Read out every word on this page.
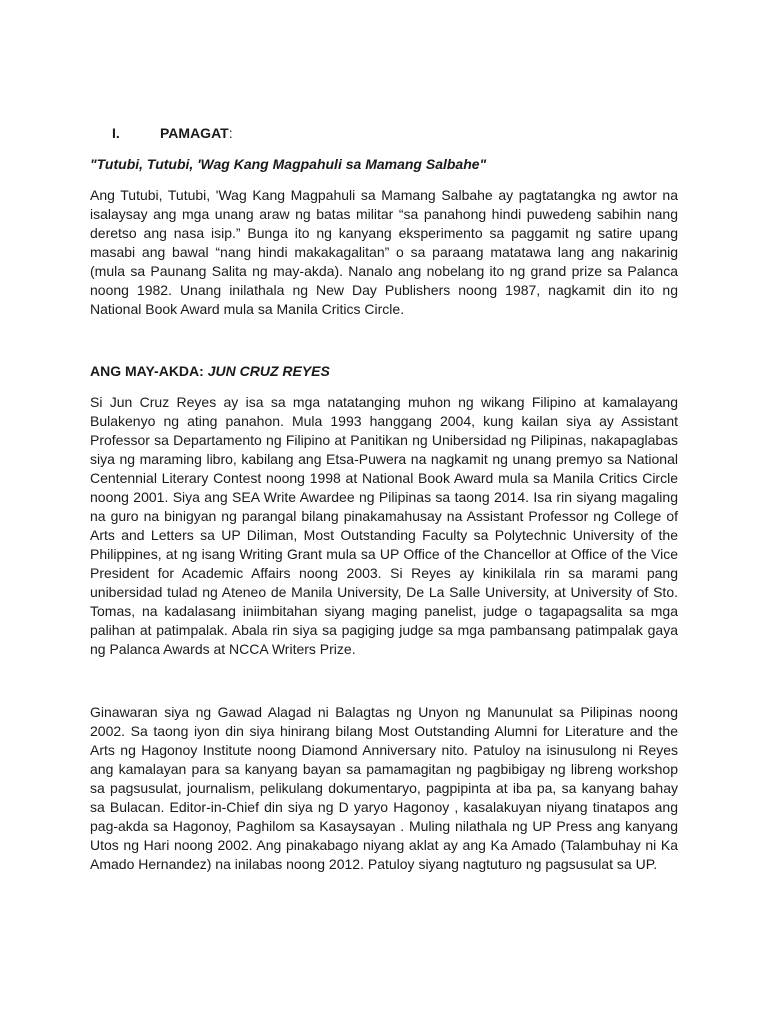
I.	PAMAGAT:
"Tutubi, Tutubi, 'Wag Kang Magpahuli sa Mamang Salbahe"

Ang Tutubi, Tutubi, 'Wag Kang Magpahuli sa Mamang Salbahe ay pagtatangka ng awtor na isalaysay ang mga unang araw ng batas militar “sa panahong hindi puwedeng sabihin nang deretso ang nasa isip.” Bunga ito ng kanyang eksperimento sa paggamit ng satire upang masabi ang bawal “nang hindi makakagalitan” o sa paraang matatawa lang ang nakarinig (mula sa Paunang Salita ng may-akda). Nanalo ang nobelang ito ng grand prize sa Palanca noong 1982. Unang inilathala ng New Day Publishers noong 1987, nagkamit din ito ng National Book Award mula sa Manila Critics Circle.

ANG MAY-AKDA: JUN CRUZ REYES

Si Jun Cruz Reyes ay isa sa mga natatanging muhon ng wikang Filipino at kamalayang Bulakenyo ng ating panahon. Mula 1993 hanggang 2004, kung kailan siya ay Assistant Professor sa Departamento ng Filipino at Panitikan ng Unibersidad ng Pilipinas, nakapaglabas siya ng maraming libro, kabilang ang Etsa-Puwera na nagkamit ng unang premyo sa National Centennial Literary Contest noong 1998 at National Book Award mula sa Manila Critics Circle noong 2001. Siya ang SEA Write Awardee ng Pilipinas sa taong 2014. Isa rin siyang magaling na guro na binigyan ng parangal bilang pinakamahusay na Assistant Professor ng College of Arts and Letters sa UP Diliman, Most Outstanding Faculty sa Polytechnic University of the Philippines, at ng isang Writing Grant mula sa UP Office of the Chancellor at Office of the Vice President for Academic Affairs noong 2003. Si Reyes ay kinikilala rin sa marami pang unibersidad tulad ng Ateneo de Manila University, De La Salle University, at University of Sto. Tomas, na kadalasang iniimbitahan siyang maging panelist, judge o tagapagsalita sa mga palihan at patimpalak. Abala rin siya sa pagiging judge sa mga pambansang patimpalak gaya ng Palanca Awards at NCCA Writers Prize.

Ginawaran siya ng Gawad Alagad ni Balagtas ng Unyon ng Manunulat sa Pilipinas noong 2002. Sa taong iyon din siya hinirang bilang Most Outstanding Alumni for Literature and the Arts ng Hagonoy Institute noong Diamond Anniversary nito. Patuloy na isinusulong ni Reyes ang kamalayan para sa kanyang bayan sa pamamagitan ng pagbibigay ng libreng workshop sa pagsusulat, journalism, pelikulang dokumentaryo, pagpipinta at iba pa, sa kanyang bahay sa Bulacan. Editor-in-Chief din siya ng D yaryo Hagonoy , kasalakuyan niyang tinatapos ang pag-akda sa Hagonoy, Paghilom sa Kasaysayan . Muling nilathala ng UP Press ang kanyang Utos ng Hari noong 2002. Ang pinakabago niyang aklat ay ang Ka Amado (Talambuhay ni Ka Amado Hernandez) na inilabas noong 2012. Patuloy siyang nagtuturo ng pagsusulat sa UP.
